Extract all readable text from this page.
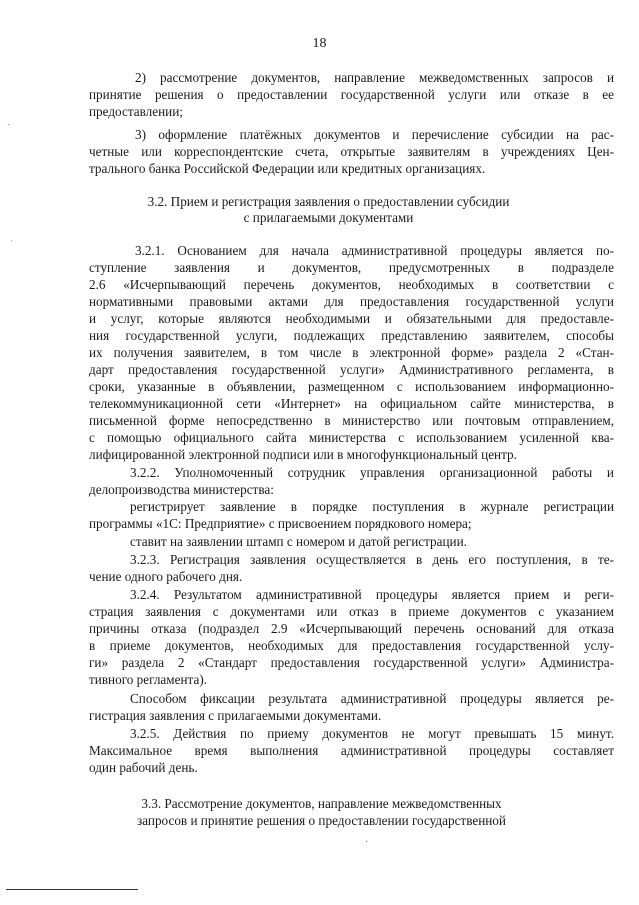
18
ˏ
ˌ
2) рассмотрение документов, направление межведомственных запросов и
принятие решения о предоставлении государственной услуги или отказе в ее
предоставлении;
3) оформление платёжных документов и перечисление субсидии на рас-
четные или корреспондентские счета, открытые заявителям в учреждениях Цен-
трального банка Российской Федерации или кредитных организациях.
3.2. Прием и регистрация заявления о предоставлении субсидии
с прилагаемыми документами
3.2.1. Основанием для начала административной процедуры является по-
ступление заявления и документов, предусмотренных в подразделе
2.6 «Исчерпывающий перечень документов, необходимых в соответствии с
нормативными правовыми актами для предоставления государственной услуги
и услуг, которые являются необходимыми и обязательными для предоставле-
ния государственной услуги, подлежащих представлению заявителем, способы
их получения заявителем, в том числе в электронной форме» раздела 2 «Стан-
дарт предоставления государственной услуги» Административного регламента, в
сроки, указанные в объявлении, размещенном с использованием информационно-
телекоммуникационной сети «Интернет» на официальном сайте министерства, в
письменной форме непосредственно в министерство или почтовым отправлением,
с помощью официального сайта министерства с использованием усиленной ква-
лифицированной электронной подписи или в многофункциональный центр.
3.2.2. Уполномоченный сотрудник управления организационной работы и
делопроизводства министерства:
регистрирует заявление в порядке поступления в журнале регистрации
программы «1С: Предприятие» с присвоением порядкового номера;
ставит на заявлении штамп с номером и датой регистрации.
3.2.3. Регистрация заявления осуществляется в день его поступления, в те-
чение одного рабочего дня.
3.2.4. Результатом административной процедуры является прием и реги-
страция заявления с документами или отказ в приеме документов с указанием
причины отказа (подраздел 2.9 «Исчерпывающий перечень оснований для отказа
в приеме документов, необходимых для предоставления государственной услу-
ги» раздела 2 «Стандарт предоставления государственной услуги» Администра-
тивного регламента).
Способом фиксации результата административной процедуры является ре-
гистрация заявления с прилагаемыми документами.
3.2.5. Действия по приему документов не могут превышать 15 минут.
Максимальное время выполнения административной процедуры составляет
один рабочий день.
3.3. Рассмотрение документов, направление межведомственных
запросов и принятие решения о предоставлении государственной
·
